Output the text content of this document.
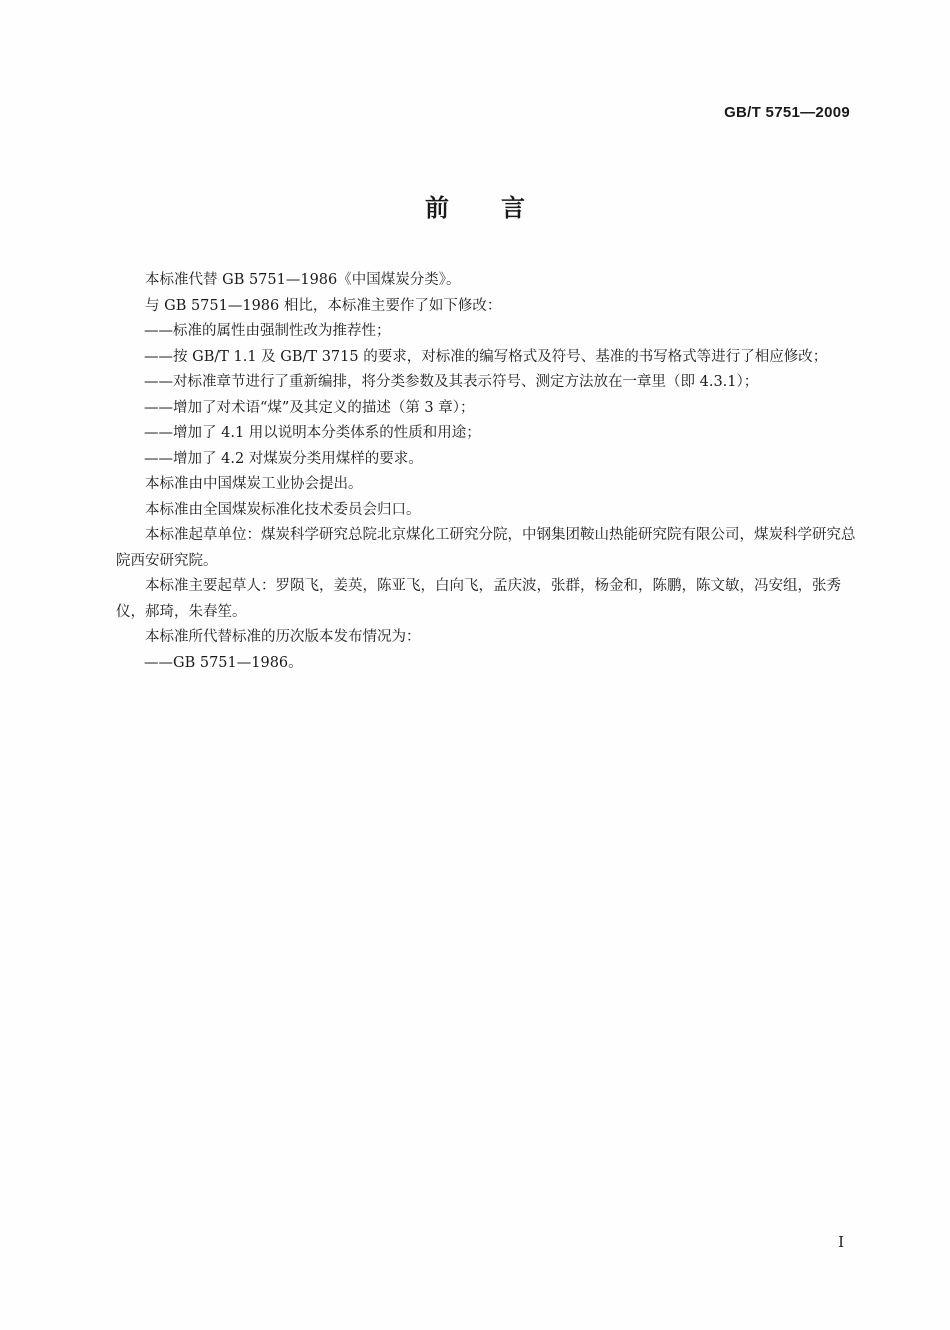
GB/T 5751—2009
前言

本标准代替 GB 5751—1986《中国煤炭分类》。

与 GB 5751—1986 相比，本标准主要作了如下修改：

——标准的属性由强制性改为推荐性；

——按 GB/T 1.1 及 GB/T 3715 的要求，对标准的编写格式及符号、基准的书写格式等进行了相应修改；

——对标准章节进行了重新编排，将分类参数及其表示符号、测定方法放在一章里（即 4.3.1）；

——增加了对术语“煤”及其定义的描述（第 3 章）；

——增加了 4.1 用以说明本分类体系的性质和用途；

——增加了 4.2 对煤炭分类用煤样的要求。

本标准由中国煤炭工业协会提出。

本标准由全国煤炭标准化技术委员会归口。

本标准起草单位：煤炭科学研究总院北京煤化工研究分院，中钢集团鞍山热能研究院有限公司，煤炭科学研究总院西安研究院。

本标准主要起草人：罗陨飞，姜英，陈亚飞，白向飞，孟庆波，张群，杨金和，陈鹏，陈文敏，冯安组，张秀仪，郝琦，朱春笙。

本标准所代替标准的历次版本发布情况为：

——GB 5751—1986。

I
